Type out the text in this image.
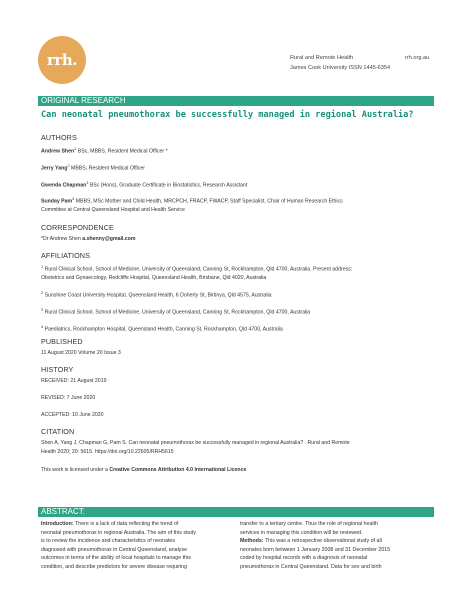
rrh.	Rural and Remote Health
James Cook University ISSN 1445-6354
rrh.org.au
ORIGINAL RESEARCH
Can neonatal pneumothorax be successfully managed in regional Australia?
AUTHORS
Andrew Shen$^1$ BSc, MBBS, Resident Medical Officer *
Jerry Yang$^2$ MBBS, Resident Medical Officer
Gwenda Chapman$^3$ BSc (Hons), Graduate Certificate in Biostatistics, Research Assistant
Sunday Pam$^4$ MBBS, MSc Mother and Child Health, MRCPCH, FRACP, FWACP, Staff Specialist, Chair of Human Research Ethics
Committee at Central Queensland Hospital and Health Service
CORRESPONDENCE
*Dr Andrew Shen a.shenny@gmail.com
AFFILIATIONS
$^1$ Rural Clinical School, School of Medicine, University of Queensland, Canning St, Rockhampton, Qld 4700, Australia. Present address:
Obstetrics and Gynaecology, Redcliffe Hospital, Queensland Health, Brisbane, Qld 4020, Australia
$^2$ Sunshine Coast University Hospital, Queensland Health, 6 Doherty St, Birtinya, Qld 4575, Australia
$^3$ Rural Clinical School, School of Medicine, University of Queensland, Canning St, Rockhampton, Qld 4700, Australia
$^4$ Paediatrics, Rockhampton Hospital, Queensland Health, Canning St, Rockhampton, Qld 4700, Australia
PUBLISHED
11 August 2020 Volume 20 Issue 3
HISTORY
RECEIVED: 21 August 2019
REVISED: 7 June 2020
ACCEPTED: 10 June 2020
CITATION
Shen A, Yang J, Chapman G, Pam S. Can neonatal pneumothorax be successfully managed in regional Australia? . Rural and Remote
Health 2020; 20: 5615. https://doi.org/10.22605/RRH5615
This work is licensed under a Creative Commons Attribution 4.0 International Licence
ABSTRACT:
Introduction: There is a lack of data reflecting the trend of
neonatal pneumothorax in regional Australia. The aim of this study
is to review the incidence and characteristics of neonates
diagnosed with pneumothorax in Central Queensland, analyse
outcomes in terms of the ability of local hospitals to manage this
condition, and describe predictors for severe disease requiring
transfer to a tertiary centre. Thus the role of regional health
services in managing this condition will be reviewed.
Methods: This was a retrospective observational study of all
neonates born between 1 January 2008 and 31 December 2015
coded by hospital records with a diagnosis of neonatal
pneumothorax in Central Queensland. Data for sex and birth
